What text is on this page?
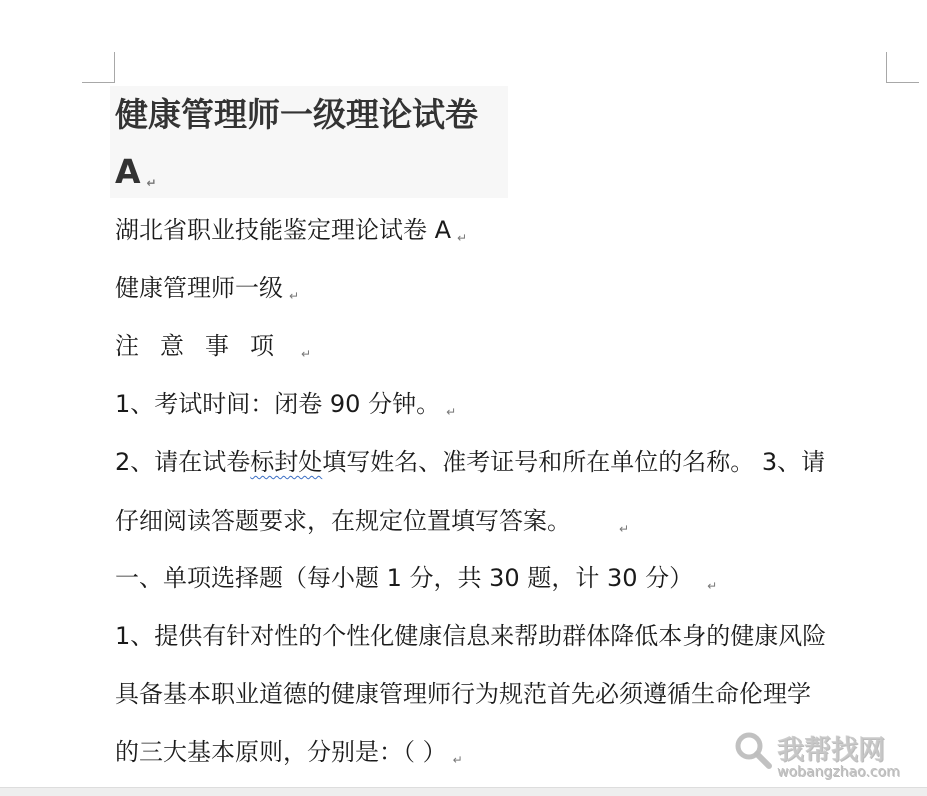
健康管理师一级理论试卷
A ↵
湖北省职业技能鉴定理论试卷 A ↵
健康管理师一级 ↵
注意事项 ↵
1、考试时间：闭卷 90 分钟。 ↵
2、请在试卷标封处填写姓名、准考证号和所在单位的名称。 3、请
仔细阅读答题要求，在规定位置填写答案。	↵
一、单项选择题（每小题 1 分，共 30 题，计 30 分） ↵
1、提供有针对性的个性化健康信息来帮助群体降低本身的健康风险
具备基本职业道德的健康管理师行为规范首先必须遵循生命伦理学
的三大基本原则，分别是：（ ） ↵	我帮找网
wobangzhao.com
